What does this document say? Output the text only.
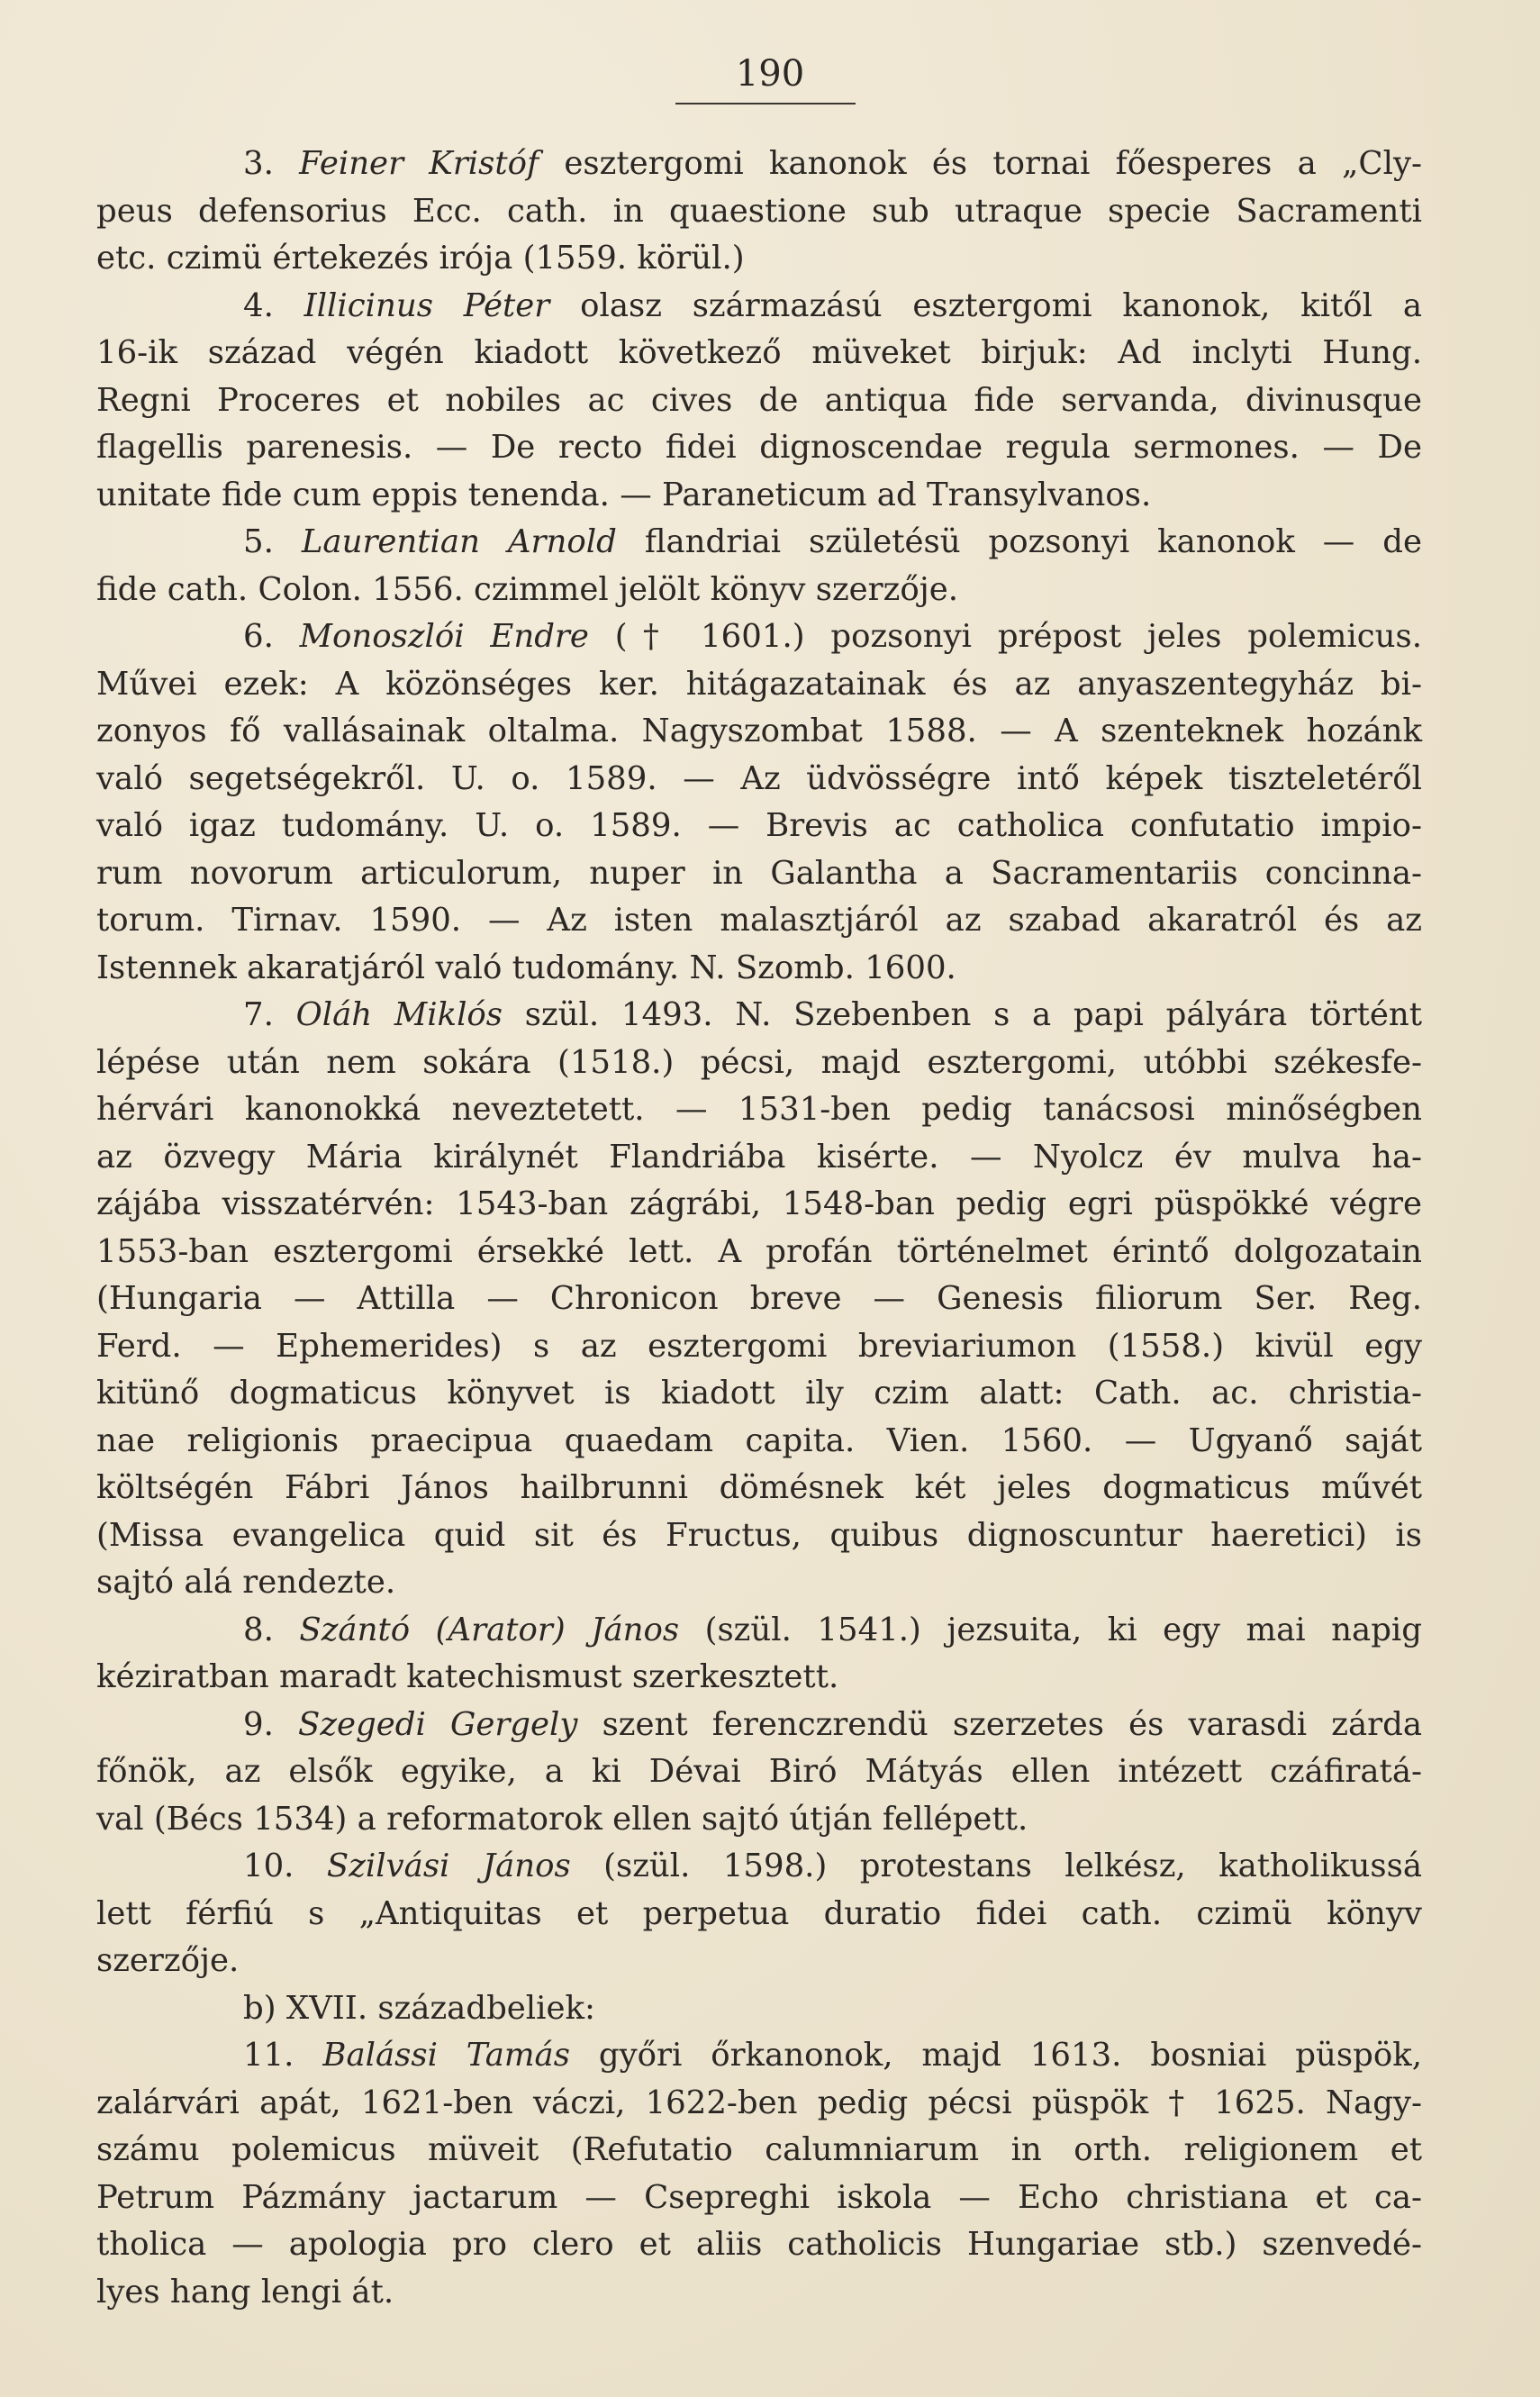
190
3. Feiner Kristóf esztergomi kanonok és tornai főesperes a „Cly-
peus defensorius Ecc. cath. in quaestione sub utraque specie Sacramenti
etc. czimü értekezés irója (1559. körül.)
4. Illicinus Péter olasz származású esztergomi kanonok, kitől a
16-ik század végén kiadott következő müveket birjuk: Ad inclyti Hung.
Regni Proceres et nobiles ac cives de antiqua fide servanda, divinusque
flagellis parenesis. — De recto fidei dignoscendae regula sermones. — De
unitate fide cum eppis tenenda. — Paraneticum ad Transylvanos.
5. Laurentian Arnold flandriai születésü pozsonyi kanonok — de
fide cath. Colon. 1556. czimmel jelölt könyv szerzője.
6. Monoszlói Endre († 1601.) pozsonyi prépost jeles polemicus.
Művei ezek: A közönséges ker. hitágazatainak és az anyaszentegyház bi-
zonyos fő vallásainak oltalma. Nagyszombat 1588. — A szenteknek hozánk
való segetségekről. U. o. 1589. — Az üdvösségre intő képek tiszteletéről
való igaz tudomány. U. o. 1589. — Brevis ac catholica confutatio impio-
rum novorum articulorum, nuper in Galantha a Sacramentariis concinna-
torum. Tirnav. 1590. — Az isten malasztjáról az szabad akaratról és az
Istennek akaratjáról való tudomány. N. Szomb. 1600.
7. Oláh Miklós szül. 1493. N. Szebenben s a papi pályára történt
lépése után nem sokára (1518.) pécsi, majd esztergomi, utóbbi székesfe-
hérvári kanonokká neveztetett. — 1531-ben pedig tanácsosi minőségben
az özvegy Mária királynét Flandriába kisérte. — Nyolcz év mulva ha-
zájába visszatérvén: 1543-ban zágrábi, 1548-ban pedig egri püspökké végre
1553-ban esztergomi érsekké lett. A profán történelmet érintő dolgozatain
(Hungaria — Attilla — Chronicon breve — Genesis filiorum Ser. Reg.
Ferd. — Ephemerides) s az esztergomi breviariumon (1558.) kivül egy
kitünő dogmaticus könyvet is kiadott ily czim alatt: Cath. ac. christia-
nae religionis praecipua quaedam capita. Vien. 1560. — Ugyanő saját
költségén Fábri János hailbrunni dömésnek két jeles dogmaticus művét
(Missa evangelica quid sit és Fructus, quibus dignoscuntur haeretici) is
sajtó alá rendezte.
8. Szántó (Arator) János (szül. 1541.) jezsuita, ki egy mai napig
kéziratban maradt katechismust szerkesztett.
9. Szegedi Gergely szent ferenczrendü szerzetes és varasdi zárda
főnök, az elsők egyike, a ki Dévai Biró Mátyás ellen intézett czáfiratá-
val (Bécs 1534) a reformatorok ellen sajtó útján fellépett.
10. Szilvási János (szül. 1598.) protestans lelkész, katholikussá
lett férfiú s „Antiquitas et perpetua duratio fidei cath. czimü könyv
szerzője.
b) XVII. századbeliek:
11. Balássi Tamás győri őrkanonok, majd 1613. bosniai püspök,
zalárvári apát, 1621-ben váczi, 1622-ben pedig pécsi püspök † 1625. Nagy-
számu polemicus müveit (Refutatio calumniarum in orth. religionem et
Petrum Pázmány jactarum — Csepreghi iskola — Echo christiana et ca-
tholica — apologia pro clero et aliis catholicis Hungariae stb.) szenvedé-
lyes hang lengi át.
